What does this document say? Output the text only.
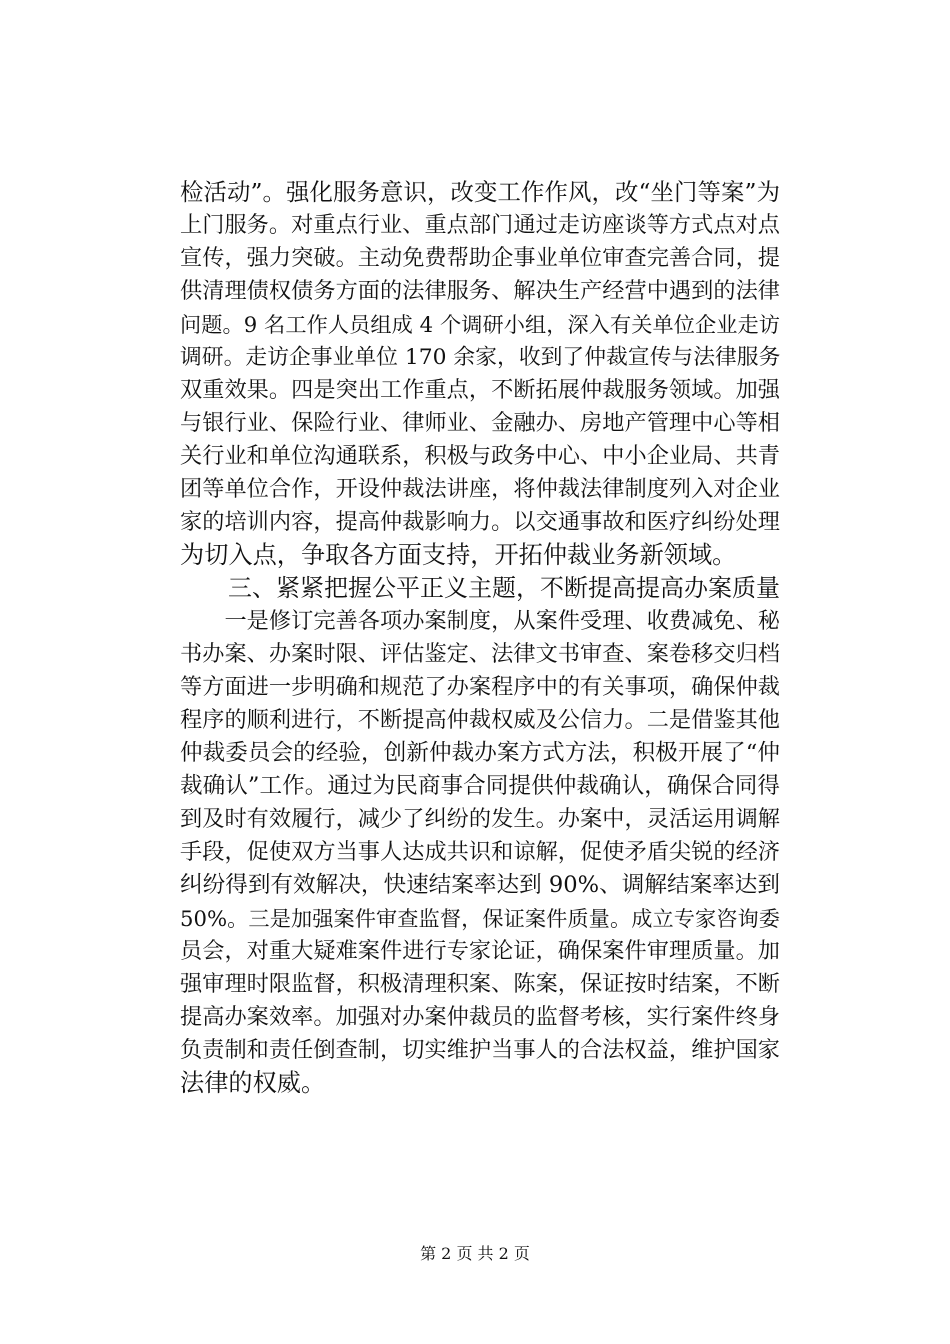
检活动”。强化服务意识，改变工作作风，改“坐门等案”为
上门服务。对重点行业、重点部门通过走访座谈等方式点对点
宣传，强力突破。主动免费帮助企事业单位审查完善合同，提
供清理债权债务方面的法律服务、解决生产经营中遇到的法律
问题。9 名工作人员组成 4 个调研小组，深入有关单位企业走访
调研。走访企事业单位 170 余家，收到了仲裁宣传与法律服务
双重效果。四是突出工作重点，不断拓展仲裁服务领域。加强
与银行业、保险行业、律师业、金融办、房地产管理中心等相
关行业和单位沟通联系，积极与政务中心、中小企业局、共青
团等单位合作，开设仲裁法讲座，将仲裁法律制度列入对企业
家的培训内容，提高仲裁影响力。以交通事故和医疗纠纷处理
为切入点，争取各方面支持，开拓仲裁业务新领域。
　　三、紧紧把握公平正义主题，不断提高提高办案质量
　　一是修订完善各项办案制度，从案件受理、收费减免、秘
书办案、办案时限、评估鉴定、法律文书审查、案卷移交归档
等方面进一步明确和规范了办案程序中的有关事项，确保仲裁
程序的顺利进行，不断提高仲裁权威及公信力。二是借鉴其他
仲裁委员会的经验，创新仲裁办案方式方法，积极开展了“仲
裁确认”工作。通过为民商事合同提供仲裁确认，确保合同得
到及时有效履行，减少了纠纷的发生。办案中，灵活运用调解
手段，促使双方当事人达成共识和谅解，促使矛盾尖锐的经济
纠纷得到有效解决，快速结案率达到 90%、调解结案率达到
50%。三是加强案件审查监督，保证案件质量。成立专家咨询委
员会，对重大疑难案件进行专家论证，确保案件审理质量。加
强审理时限监督，积极清理积案、陈案，保证按时结案，不断
提高办案效率。加强对办案仲裁员的监督考核，实行案件终身
负责制和责任倒查制，切实维护当事人的合法权益，维护国家
法律的权威。
第 2 页 共 2 页
